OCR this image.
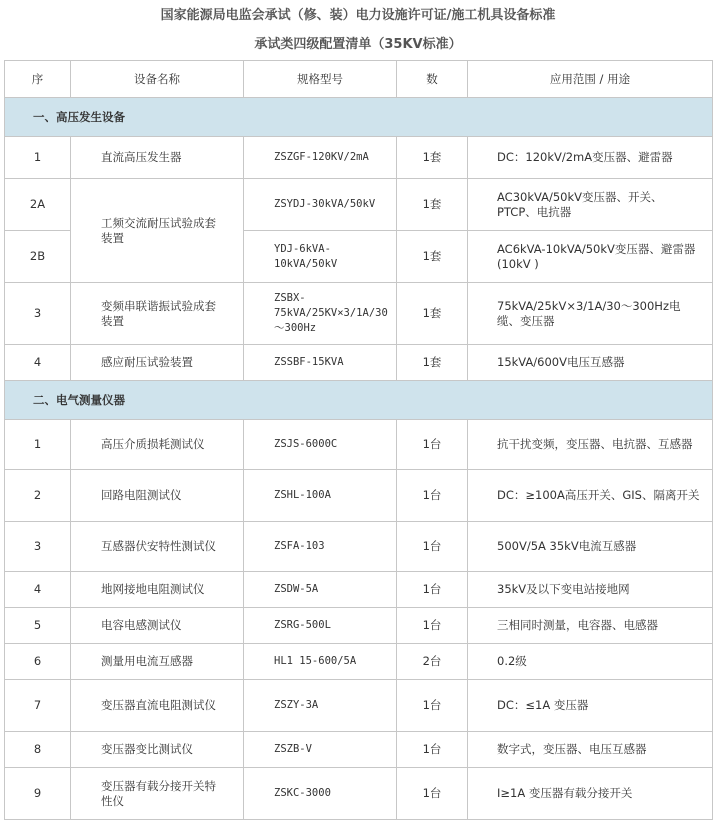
国家能源局电监会承试（修、装）电力设施许可证/施工机具设备标准
承试类四级配置清单（35KV标准）
序	设备名称	规格型号	数	应用范围 / 用途
一、高压发生设备				
1	直流高压发生器	ZSZGF-120KV/2mA	1套	DC：120kV/2mA变压器、避雷器
2A	工频交流耐压试验成套装置	ZSYDJ-30kVA/50kV	1套	AC30kVA/50kV变压器、开关、PTCP、电抗器
2B		YDJ-6kVA-10kVA/50kV	1套	AC6kVA-10kVA/50kV变压器、避雷器(10kV )
3	变频串联谐振试验成套装置	ZSBX- 75kVA/25KV×3/1A/30～300Hz	1套	75kVA/25kV×3/1A/30～300Hz电缆、变压器
4	感应耐压试验装置	ZSSBF-15KVA	1套	15kVA/600V电压互感器
二、电气测量仪器				
1	高压介质损耗测试仪	ZSJS-6000C	1台	抗干扰变频，变压器、电抗器、互感器
2	回路电阻测试仪	ZSHL-100A	1台	DC：≥100A高压开关、GIS、隔离开关
3	互感器伏安特性测试仪	ZSFA-103	1台	500V/5A 35kV电流互感器
4	地网接地电阻测试仪	ZSDW-5A	1台	35kV及以下变电站接地网
5	电容电感测试仪	ZSRG-500L	1台	三相同时测量，电容器、电感器
6	测量用电流互感器	HL1 15-600/5A	2台	0.2级
7	变压器直流电阻测试仪	ZSZY-3A	1台	DC：≤1A 变压器
8	变压器变比测试仪	ZSZB-V	1台	数字式，变压器、电压互感器
9	变压器有载分接开关特性仪	ZSKC-3000	1台	I≥1A 变压器有载分接开关
